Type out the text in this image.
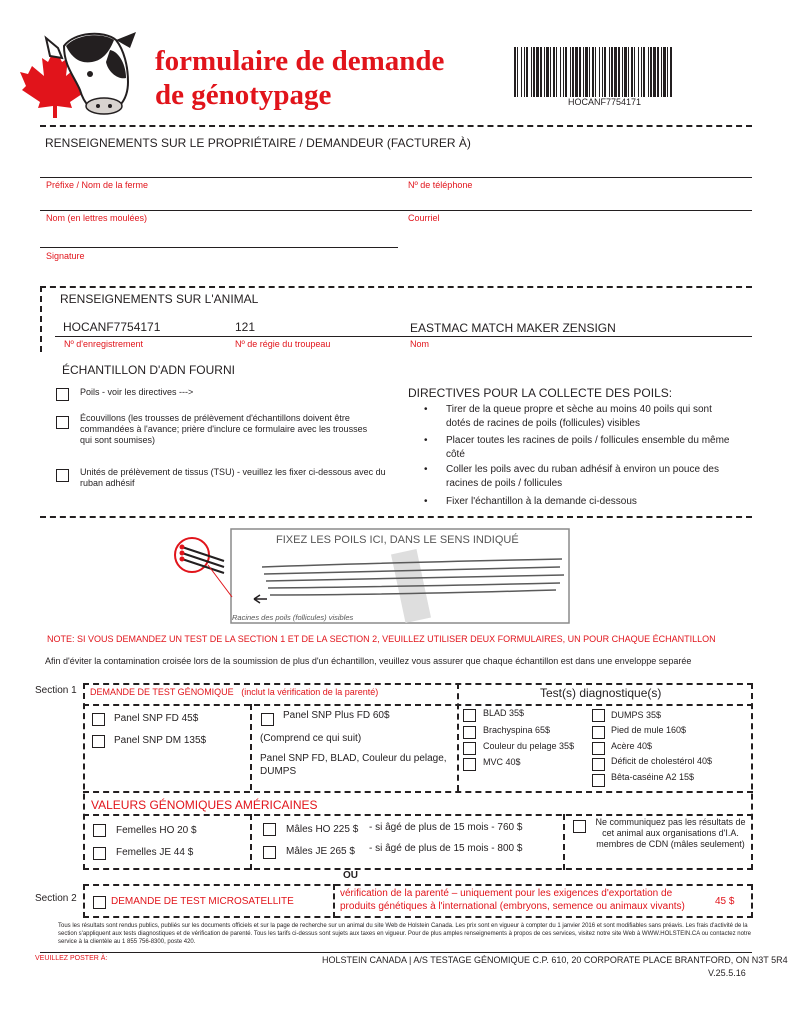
formulaire de demande
de génotypage	HOCANF7754171
RENSEIGNEMENTS SUR LE PROPRIÉTAIRE / DEMANDEUR (FACTURER À)
Préfixe / Nom de la ferme	Nº de téléphone
Nom (en lettres moulées)	Courriel
Signature
RENSEIGNEMENTS SUR L'ANIMAL
HOCANF7754171	121	EASTMAC MATCH MAKER ZENSIGN
Nº d'enregistrement	Nº de régie du troupeau	Nom
ÉCHANTILLON D'ADN FOURNI
Poils - voir les directives --->
Écouvillons (les trousses de prélèvement d'échantillons doivent être commandées à l'avance; prière d'inclure ce formulaire avec les trousses qui sont soumises)
Unités de prélèvement de tissus (TSU) - veuillez les fixer ci-dessous avec du ruban adhésif
DIRECTIVES POUR LA COLLECTE DES POILS:
• Tirer de la queue propre et sèche au moins 40 poils qui sont dotés de racines de poils (follicules) visibles
• Placer toutes les racines de poils / follicules ensemble du même côté
• Coller les poils avec du ruban adhésif à environ un pouce des racines de poils / follicules
• Fixer l'échantillon à la demande ci-dessous
FIXEZ LES POILS ICI, DANS LE SENS INDIQUÉ
Racines des poils (follicules) visibles
NOTE: SI VOUS DEMANDEZ UN TEST DE LA SECTION 1 ET DE LA SECTION 2, VEUILLEZ UTILISER DEUX FORMULAIRES, UN POUR CHAQUE ÉCHANTILLON
Afin d'éviter la contamination croisée lors de la soumission de plus d'un échantillon, veuillez vous assurer que chaque échantillon est dans une enveloppe separée
Section 1 DEMANDE DE TEST GÉNOMIQUE (inclut la vérification de la parenté)	Test(s) diagnostique(s)
Panel SNP FD 45$
Panel SNP DM 135$
Panel SNP Plus FD 60$
(Comprend ce qui suit)
Panel SNP FD, BLAD, Couleur du pelage, DUMPS
BLAD 35$
Brachyspina 65$
Couleur du pelage 35$
MVC 40$
DUMPS 35$
Pied de mule 160$
Acère 40$
Déficit de cholestérol 40$
Bêta-caséine A2 15$
VALEURS GÉNOMIQUES AMÉRICAINES
Femelles HO 20 $
Femelles JE 44 $
Mâles HO 225 $ - si âgé de plus de 15 mois - 760 $
Mâles JE 265 $ - si âgé de plus de 15 mois - 800 $
Ne communiquez pas les résultats de cet animal aux organisations d'I.A. membres de CDN (mâles seulement)
OU
Section 2	DEMANDE DE TEST MICROSATELLITE
vérification de la parenté – uniquement pour les exigences d'exportation de produits génétiques à l'international (embryons, semence ou animaux vivants)	45 $
Tous les résultats sont rendus publics, publiés sur les documents officiels et sur la page de recherche sur un animal du site Web de Holstein Canada. Les prix sont en vigueur à compter du 1 janvier 2016 et sont modifiables sans préavis. Les frais d'activité de la section s'appliquent aux tests diagnostiques et de vérification de parenté. Tous les tarifs ci-dessus sont sujets aux taxes en vigueur. Pour de plus amples renseignements à propos de ces services, visitez notre site Web à WWW.HOLSTEIN.CA ou contactez notre service à la clientèle au 1 855 756-8300, poste 420.
VEUILLEZ POSTER À:	HOLSTEIN CANADA | A/S TESTAGE GÉNOMIQUE C.P. 610, 20 CORPORATE PLACE BRANTFORD, ON N3T 5R4
V.25.5.16
